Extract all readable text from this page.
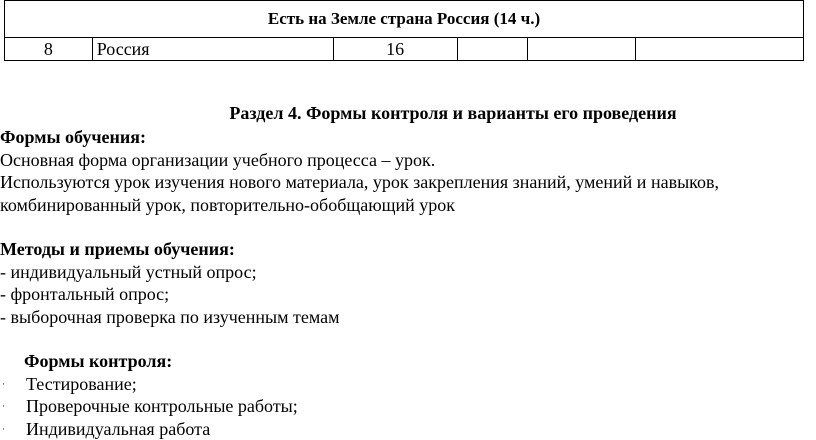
Есть на Земле страна Россия (14 ч.)
8	Россия	16			
Раздел 4. Формы контроля и варианты его проведения

Формы обучения:

Основная форма организации учебного процесса – урок.

Используются урок изучения нового материала, урок закрепления знаний, умений и навыков, комбинированный урок, повторительно-обобщающий урок

Методы и приемы обучения:

- индивидуальный устный опрос;

- фронтальный опрос;

- выборочная проверка по изученным темам

Формы контроля:

· Тестирование;
· Проверочные контрольные работы;
· Индивидуальная работа
